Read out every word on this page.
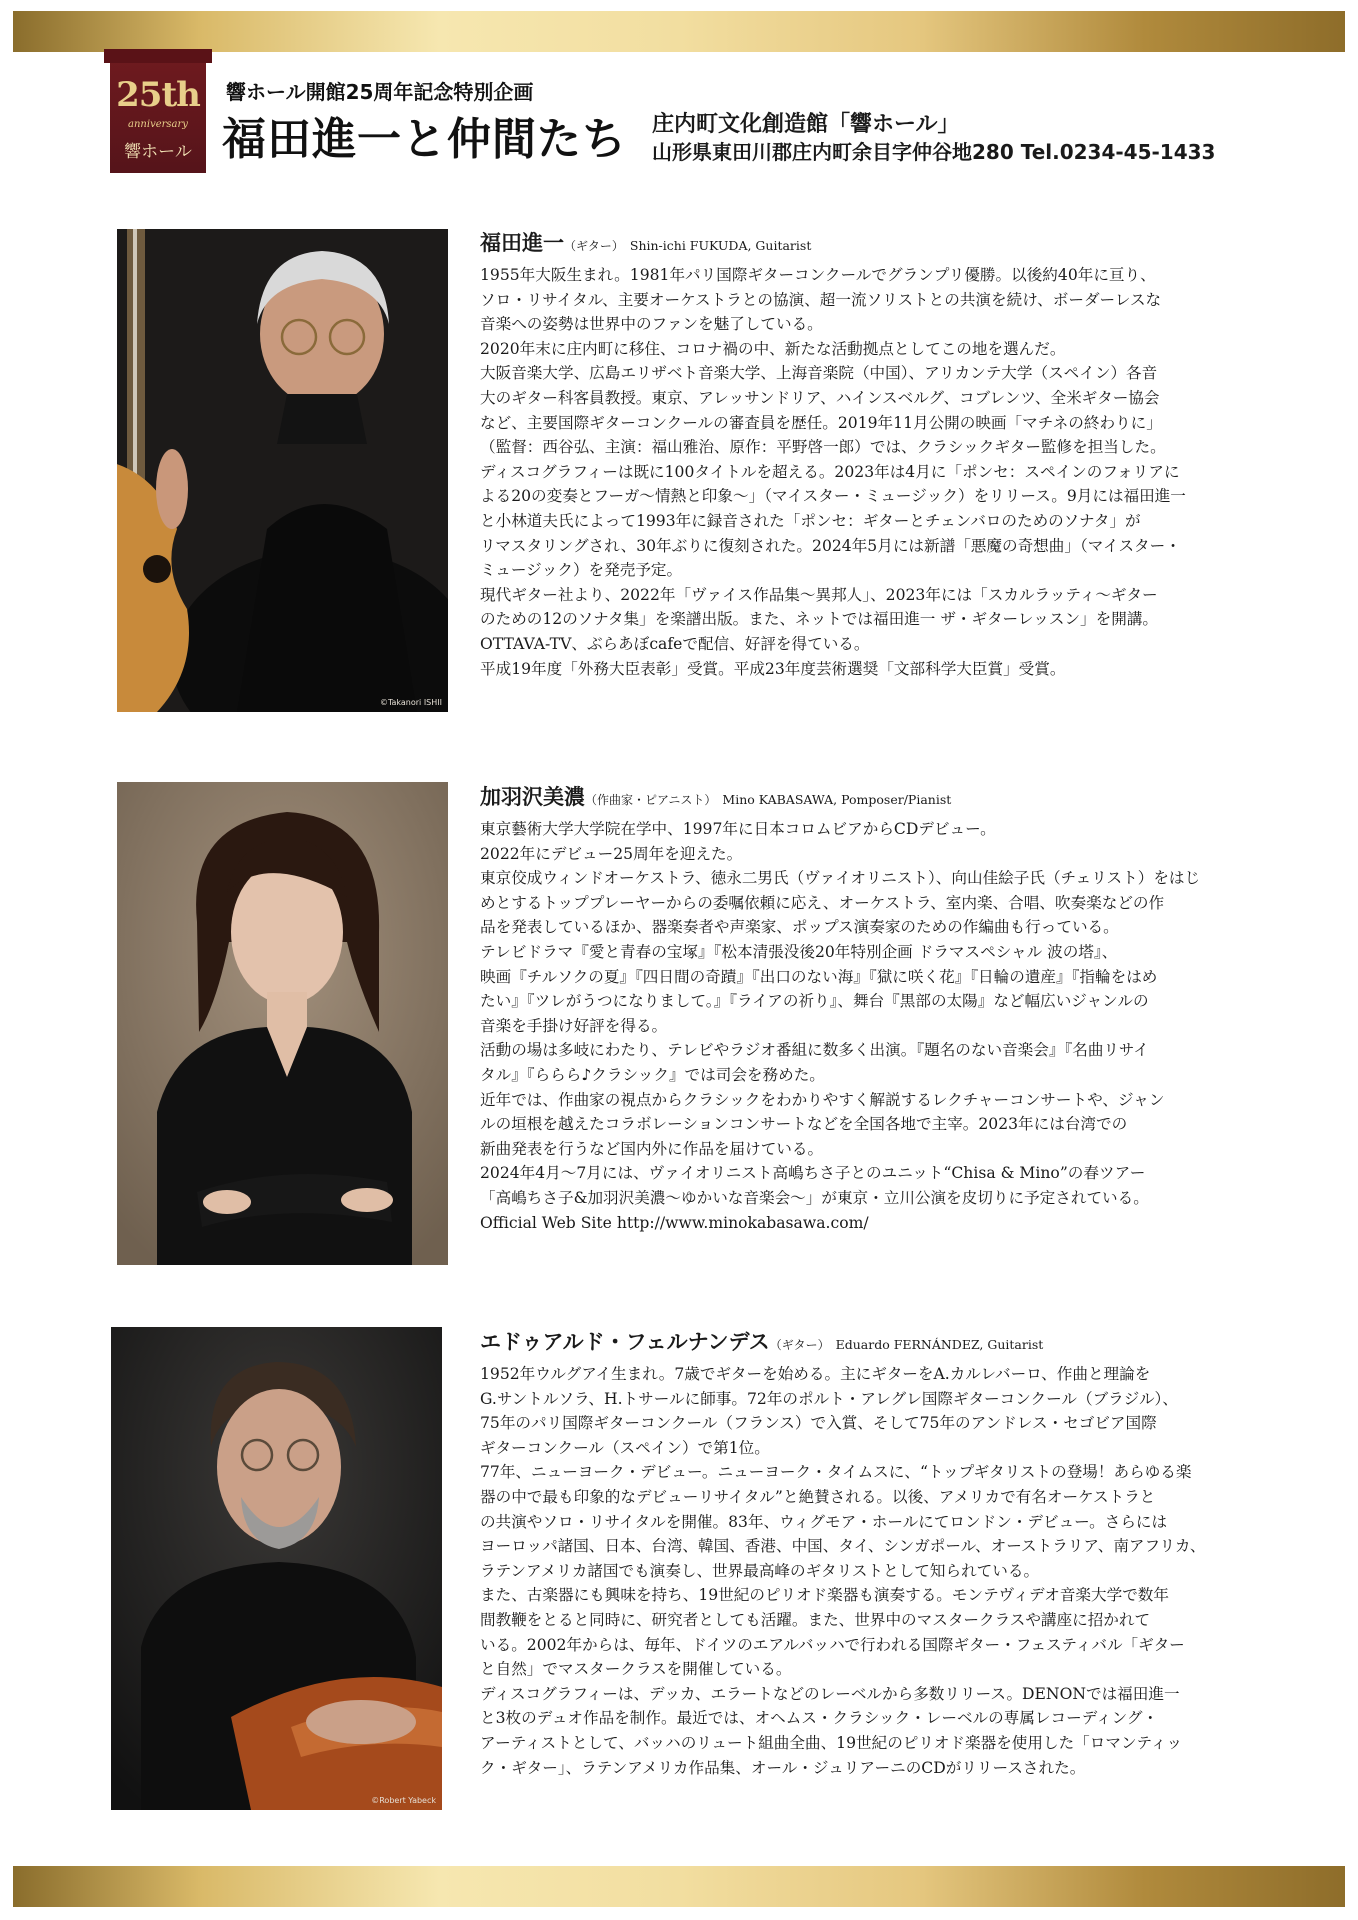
25th
anniversary
響ホール
響ホール開館25周年記念特別企画
福田進一と仲間たち 庄内町文化創造館「響ホール」
山形県東田川郡庄内町余目字仲谷地280 Tel.0234-45-1433
©Takanori ISHII
福田進一（ギター） Shin-ichi FUKUDA, Guitarist

1955年大阪生まれ。1981年パリ国際ギターコンクールでグランプリ優勝。以後約40年に亘り、

ソロ・リサイタル、主要オーケストラとの協演、超一流ソリストとの共演を続け、ボーダーレスな

音楽への姿勢は世界中のファンを魅了している。

2020年末に庄内町に移住、コロナ禍の中、新たな活動拠点としてこの地を選んだ。

大阪音楽大学、広島エリザベト音楽大学、上海音楽院（中国）、アリカンテ大学（スペイン）各音

大のギター科客員教授。東京、アレッサンドリア、ハインスベルグ、コブレンツ、全米ギター協会

など、主要国際ギターコンクールの審査員を歴任。2019年11月公開の映画「マチネの終わりに」

（監督：西谷弘、主演：福山雅治、原作：平野啓一郎）では、クラシックギター監修を担当した。

ディスコグラフィーは既に100タイトルを超える。2023年は4月に「ポンセ：スペインのフォリアに

よる20の変奏とフーガ〜情熱と印象〜」（マイスター・ミュージック）をリリース。9月には福田進一

と小林道夫氏によって1993年に録音された「ポンセ：ギターとチェンバロのためのソナタ」が

リマスタリングされ、30年ぶりに復刻された。2024年5月には新譜「悪魔の奇想曲」（マイスター・

ミュージック）を発売予定。

現代ギター社より、2022年「ヴァイス作品集〜異邦人」、2023年には「スカルラッティ〜ギター

のための12のソナタ集」を楽譜出版。また、ネットでは福田進一 ザ・ギターレッスン」を開講。

OTTAVA-TV、ぶらあぼcafeで配信、好評を得ている。

平成19年度「外務大臣表彰」受賞。平成23年度芸術選奨「文部科学大臣賞」受賞。

加羽沢美濃（作曲家・ピアニスト） Mino KABASAWA, Pomposer/Pianist

東京藝術大学大学院在学中、1997年に日本コロムビアからCDデビュー。

2022年にデビュー25周年を迎えた。

東京佼成ウィンドオーケストラ、徳永二男氏（ヴァイオリニスト）、向山佳絵子氏（チェリスト）をはじ

めとするトッププレーヤーからの委嘱依頼に応え、オーケストラ、室内楽、合唱、吹奏楽などの作

品を発表しているほか、器楽奏者や声楽家、ポップス演奏家のための作編曲も行っている。

テレビドラマ『愛と青春の宝塚』『松本清張没後20年特別企画 ドラマスペシャル 波の塔』、

映画『チルソクの夏』『四日間の奇蹟』『出口のない海』『獄に咲く花』『日輪の遺産』『指輪をはめ

たい』『ツレがうつになりまして。』『ライアの祈り』、舞台『黒部の太陽』など幅広いジャンルの

音楽を手掛け好評を得る。

活動の場は多岐にわたり、テレビやラジオ番組に数多く出演。『題名のない音楽会』『名曲リサイ

タル』『ららら♪クラシック』では司会を務めた。

近年では、作曲家の視点からクラシックをわかりやすく解説するレクチャーコンサートや、ジャン

ルの垣根を越えたコラボレーションコンサートなどを全国各地で主宰。2023年には台湾での

新曲発表を行うなど国内外に作品を届けている。

2024年4月〜7月には、ヴァイオリニスト高嶋ちさ子とのユニット“Chisa & Mino”の春ツアー

「高嶋ちさ子&加羽沢美濃〜ゆかいな音楽会〜」が東京・立川公演を皮切りに予定されている。

Official Web Site http://www.minokabasawa.com/

©Robert Yabeck
エドゥアルド・フェルナンデス（ギター） Eduardo FERNÁNDEZ, Guitarist

1952年ウルグアイ生まれ。7歳でギターを始める。主にギターをA.カルレバーロ、作曲と理論を

G.サントルソラ、H.トサールに師事。72年のポルト・アレグレ国際ギターコンクール（ブラジル）、

75年のパリ国際ギターコンクール（フランス）で入賞、そして75年のアンドレス・セゴビア国際

ギターコンクール（スペイン）で第1位。

77年、ニューヨーク・デビュー。ニューヨーク・タイムスに、“トップギタリストの登場！あらゆる楽

器の中で最も印象的なデビューリサイタル”と絶賛される。以後、アメリカで有名オーケストラと

の共演やソロ・リサイタルを開催。83年、ウィグモア・ホールにてロンドン・デビュー。さらには

ヨーロッパ諸国、日本、台湾、韓国、香港、中国、タイ、シンガポール、オーストラリア、南アフリカ、

ラテンアメリカ諸国でも演奏し、世界最高峰のギタリストとして知られている。

また、古楽器にも興味を持ち、19世紀のピリオド楽器も演奏する。モンテヴィデオ音楽大学で数年

間教鞭をとると同時に、研究者としても活躍。また、世界中のマスタークラスや講座に招かれて

いる。2002年からは、毎年、ドイツのエアルバッハで行われる国際ギター・フェスティバル「ギター

と自然」でマスタークラスを開催している。

ディスコグラフィーは、デッカ、エラートなどのレーベルから多数リリース。DENONでは福田進一

と3枚のデュオ作品を制作。最近では、オヘムス・クラシック・レーベルの専属レコーディング・

アーティストとして、バッハのリュート組曲全曲、19世紀のピリオド楽器を使用した「ロマンティッ

ク・ギター」、ラテンアメリカ作品集、オール・ジュリアーニのCDがリリースされた。
